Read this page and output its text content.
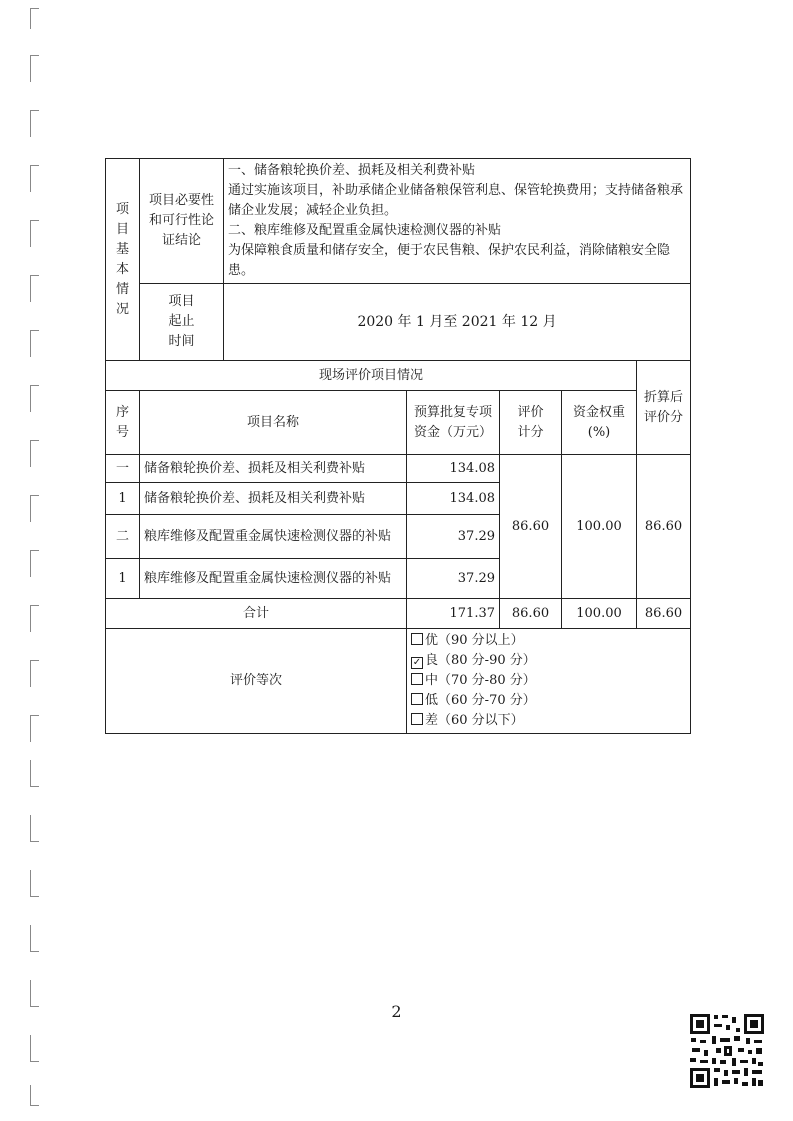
项目基本情况	项目必要性和可行性论证结论	一、储备粮轮换价差、损耗及相关利费补贴
通过实施该项目，补助承储企业储备粮保管利息、保管轮换费用；支持储备粮承储企业发展；减轻企业负担。
二、粮库维修及配置重金属快速检测仪器的补贴
为保障粮食质量和储存安全，便于农民售粮、保护农民利益，消除储粮安全隐患。				

	项目起止时间	2020 年 1 月至 2021 年 12 月				
现场评价项目情况						折算后评价分

序号	项目名称		预算批复专项资金（万元）	评价计分	资金权重(%)	

一	储备粮轮换价差、损耗及相关利费补贴		134.08	86.60	100.00	86.60
1	储备粮轮换价差、损耗及相关利费补贴		134.08			
二	粮库维修及配置重金属快速检测仪器的补贴		37.29			
1	粮库维修及配置重金属快速检测仪器的补贴		37.29			
合计			171.37	86.60	100.00	86.60
评价等次			优（90 分以上）
✓ 良（80 分-90 分）
中（70 分-80 分）
低（60 分-70 分）
差（60 分以下）			
2
